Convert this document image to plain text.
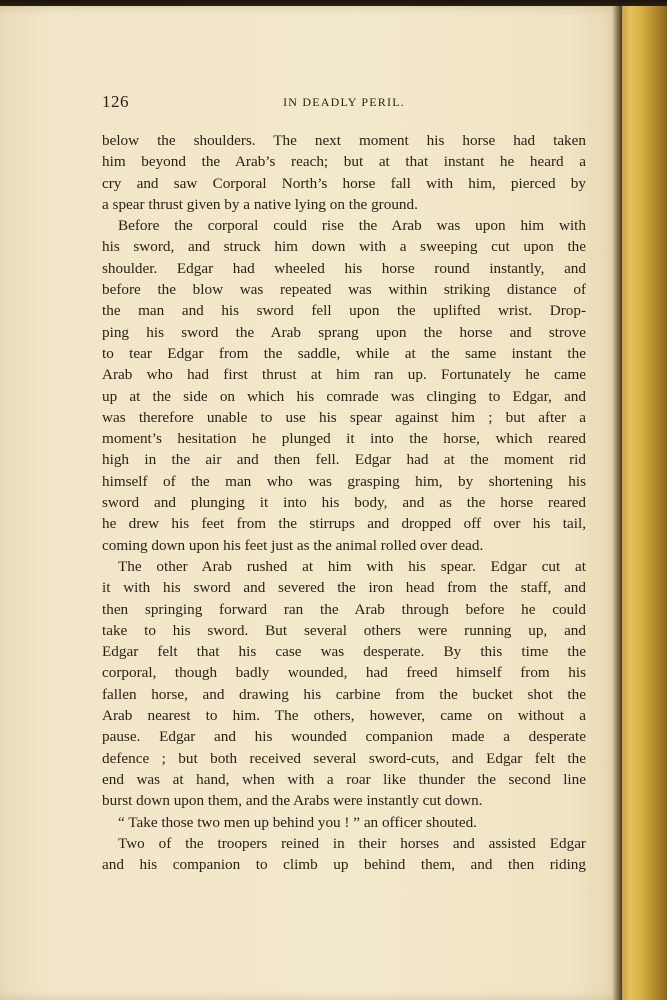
126	IN DEADLY PERIL.
below the shoulders. The next moment his horse had taken
him beyond the Arab’s reach; but at that instant he heard a
cry and saw Corporal North’s horse fall with him, pierced by
a spear thrust given by a native lying on the ground.
Before the corporal could rise the Arab was upon him with
his sword, and struck him down with a sweeping cut upon the
shoulder. Edgar had wheeled his horse round instantly, and
before the blow was repeated was within striking distance of
the man and his sword fell upon the uplifted wrist. Drop-
ping his sword the Arab sprang upon the horse and strove
to tear Edgar from the saddle, while at the same instant the
Arab who had first thrust at him ran up. Fortunately he came
up at the side on which his comrade was clinging to Edgar, and
was therefore unable to use his spear against him ; but after a
moment’s hesitation he plunged it into the horse, which reared
high in the air and then fell. Edgar had at the moment rid
himself of the man who was grasping him, by shortening his
sword and plunging it into his body, and as the horse reared
he drew his feet from the stirrups and dropped off over his tail,
coming down upon his feet just as the animal rolled over dead.
The other Arab rushed at him with his spear. Edgar cut at
it with his sword and severed the iron head from the staff, and
then springing forward ran the Arab through before he could
take to his sword. But several others were running up, and
Edgar felt that his case was desperate. By this time the
corporal, though badly wounded, had freed himself from his
fallen horse, and drawing his carbine from the bucket shot the
Arab nearest to him. The others, however, came on without a
pause. Edgar and his wounded companion made a desperate
defence ; but both received several sword-cuts, and Edgar felt the
end was at hand, when with a roar like thunder the second line
burst down upon them, and the Arabs were instantly cut down.
“ Take those two men up behind you ! ” an officer shouted.
Two of the troopers reined in their horses and assisted Edgar
and his companion to climb up behind them, and then riding
